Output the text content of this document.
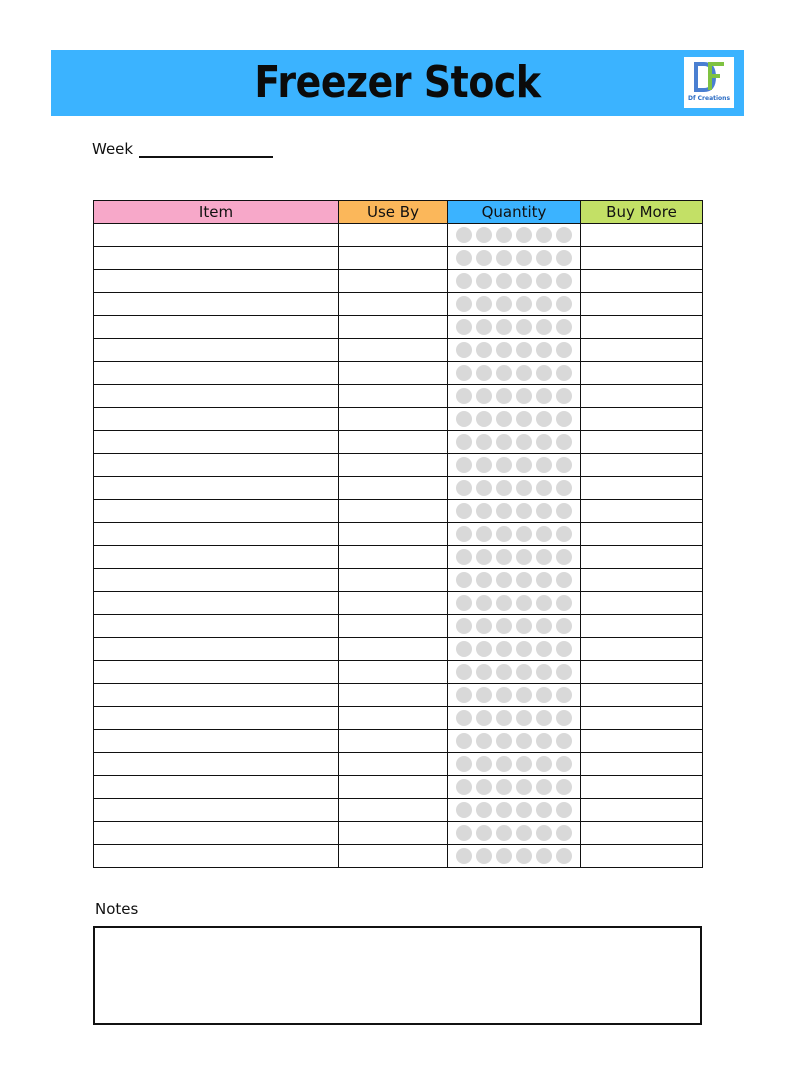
Freezer Stock	Df Creations
Week
Item	Use By	Quantity	Buy More

Notes
